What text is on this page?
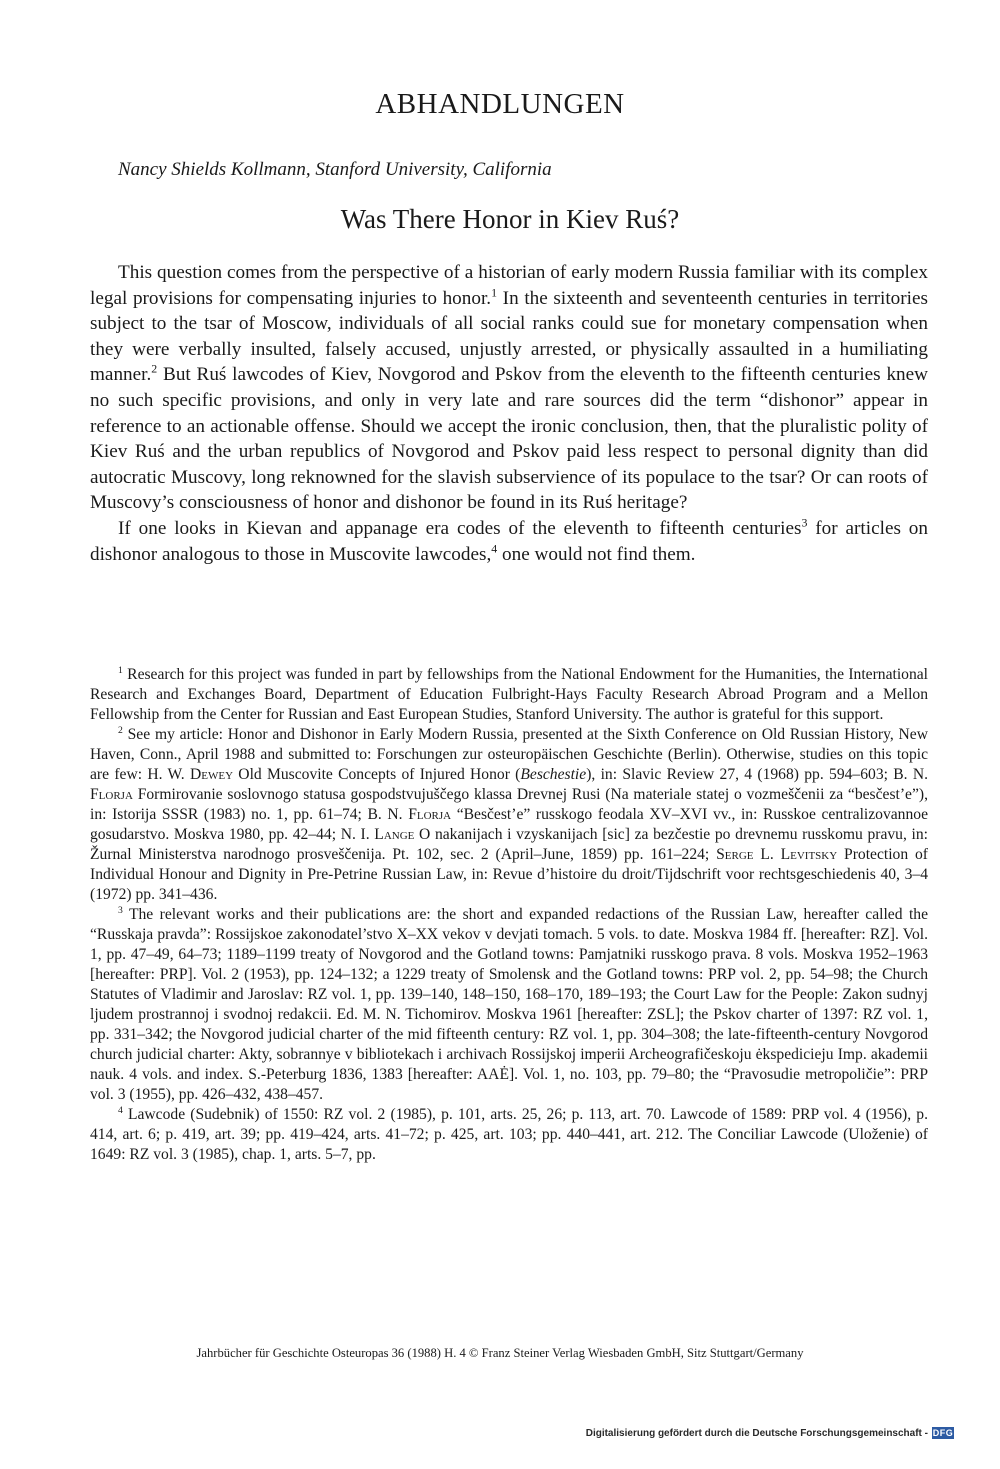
ABHANDLUNGEN
Nancy Shields Kollmann, Stanford University, California
Was There Honor in Kiev Ruś?

This question comes from the perspective of a historian of early modern Russia familiar with its complex legal provisions for compensating injuries to honor.$^1$ In the sixteenth and seventeenth centuries in territories subject to the tsar of Moscow, individuals of all social ranks could sue for monetary compensation when they were verbally insulted, falsely accused, unjustly arrested, or physically assaulted in a humiliating manner.$^2$ But Ruś lawcodes of Kiev, Novgorod and Pskov from the eleventh to the fifteenth centuries knew no such specific provisions, and only in very late and rare sources did the term “dishonor” appear in reference to an actionable offense. Should we accept the ironic conclusion, then, that the pluralistic polity of Kiev Ruś and the urban republics of Novgorod and Pskov paid less respect to personal dignity than did autocratic Muscovy, long reknowned for the slavish subservience of its populace to the tsar? Or can roots of Muscovy’s consciousness of honor and dishonor be found in its Ruś heritage?

If one looks in Kievan and appanage era codes of the eleventh to fifteenth centuries$^3$ for articles on dishonor analogous to those in Muscovite lawcodes,$^4$ one would not find them.

$^1$ Research for this project was funded in part by fellowships from the National Endowment for the Humanities, the International Research and Exchanges Board, Department of Education Fulbright-Hays Faculty Research Abroad Program and a Mellon Fellowship from the Center for Russian and East European Studies, Stanford University. The author is grateful for this support.

$^2$ See my article: Honor and Dishonor in Early Modern Russia, presented at the Sixth Conference on Old Russian History, New Haven, Conn., April 1988 and submitted to: Forschungen zur osteuropäischen Geschichte (Berlin). Otherwise, studies on this topic are few: H. W. Dewey Old Muscovite Concepts of Injured Honor (Beschestie), in: Slavic Review 27, 4 (1968) pp. 594–603; B. N. Florja Formirovanie soslovnogo statusa gospodstvujuščego klassa Drevnej Rusi (Na materiale statej o vozmeščenii za “besčest’e”), in: Istorija SSSR (1983) no. 1, pp. 61–74; B. N. Florja “Besčest’e” russkogo feodala XV–XVI vv., in: Russkoe centralizovannoe gosudarstvo. Moskva 1980, pp. 42–44; N. I. Lange O nakanijach i vzyskanijach [sic] za bezčestie po drevnemu russkomu pravu, in: Žurnal Ministerstva narodnogo prosveščenija. Pt. 102, sec. 2 (April–June, 1859) pp. 161–224; Serge L. Levitsky Protection of Individual Honour and Dignity in Pre-Petrine Russian Law, in: Revue d’histoire du droit/Tijdschrift voor rechtsgeschiedenis 40, 3–4 (1972) pp. 341–436.

$^3$ The relevant works and their publications are: the short and expanded redactions of the Russian Law, hereafter called the “Russkaja pravda”: Rossijskoe zakonodatel’stvo X–XX vekov v devjati tomach. 5 vols. to date. Moskva 1984 ff. [hereafter: RZ]. Vol. 1, pp. 47–49, 64–73; 1189–1199 treaty of Novgorod and the Gotland towns: Pamjatniki russkogo prava. 8 vols. Moskva 1952–1963 [hereafter: PRP]. Vol. 2 (1953), pp. 124–132; a 1229 treaty of Smolensk and the Gotland towns: PRP vol. 2, pp. 54–98; the Church Statutes of Vladimir and Jaroslav: RZ vol. 1, pp. 139–140, 148–150, 168–170, 189–193; the Court Law for the People: Zakon sudnyj ljudem prostrannoj i svodnoj redakcii. Ed. M. N. Tichomirov. Moskva 1961 [hereafter: ZSL]; the Pskov charter of 1397: RZ vol. 1, pp. 331–342; the Novgorod judicial charter of the mid fifteenth century: RZ vol. 1, pp. 304–308; the late-fifteenth-century Novgorod church judicial charter: Akty, sobrannye v bibliotekach i archivach Rossijskoj imperii Archeografičeskoju ėkspedicieju Imp. akademii nauk. 4 vols. and index. S.-Peterburg 1836, 1383 [hereafter: AAĖ]. Vol. 1, no. 103, pp. 79–80; the “Pravosudie metropoličie”: PRP vol. 3 (1955), pp. 426–432, 438–457.

$^4$ Lawcode (Sudebnik) of 1550: RZ vol. 2 (1985), p. 101, arts. 25, 26; p. 113, art. 70. Lawcode of 1589: PRP vol. 4 (1956), p. 414, art. 6; p. 419, art. 39; pp. 419–424, arts. 41–72; p. 425, art. 103; pp. 440–441, art. 212. The Conciliar Lawcode (Uloženie) of 1649: RZ vol. 3 (1985), chap. 1, arts. 5–7, pp.

Jahrbücher für Geschichte Osteuropas 36 (1988) H. 4 © Franz Steiner Verlag Wiesbaden GmbH, Sitz Stuttgart/Germany
Digitalisierung gefördert durch die Deutsche Forschungsgemeinschaft - DFG
